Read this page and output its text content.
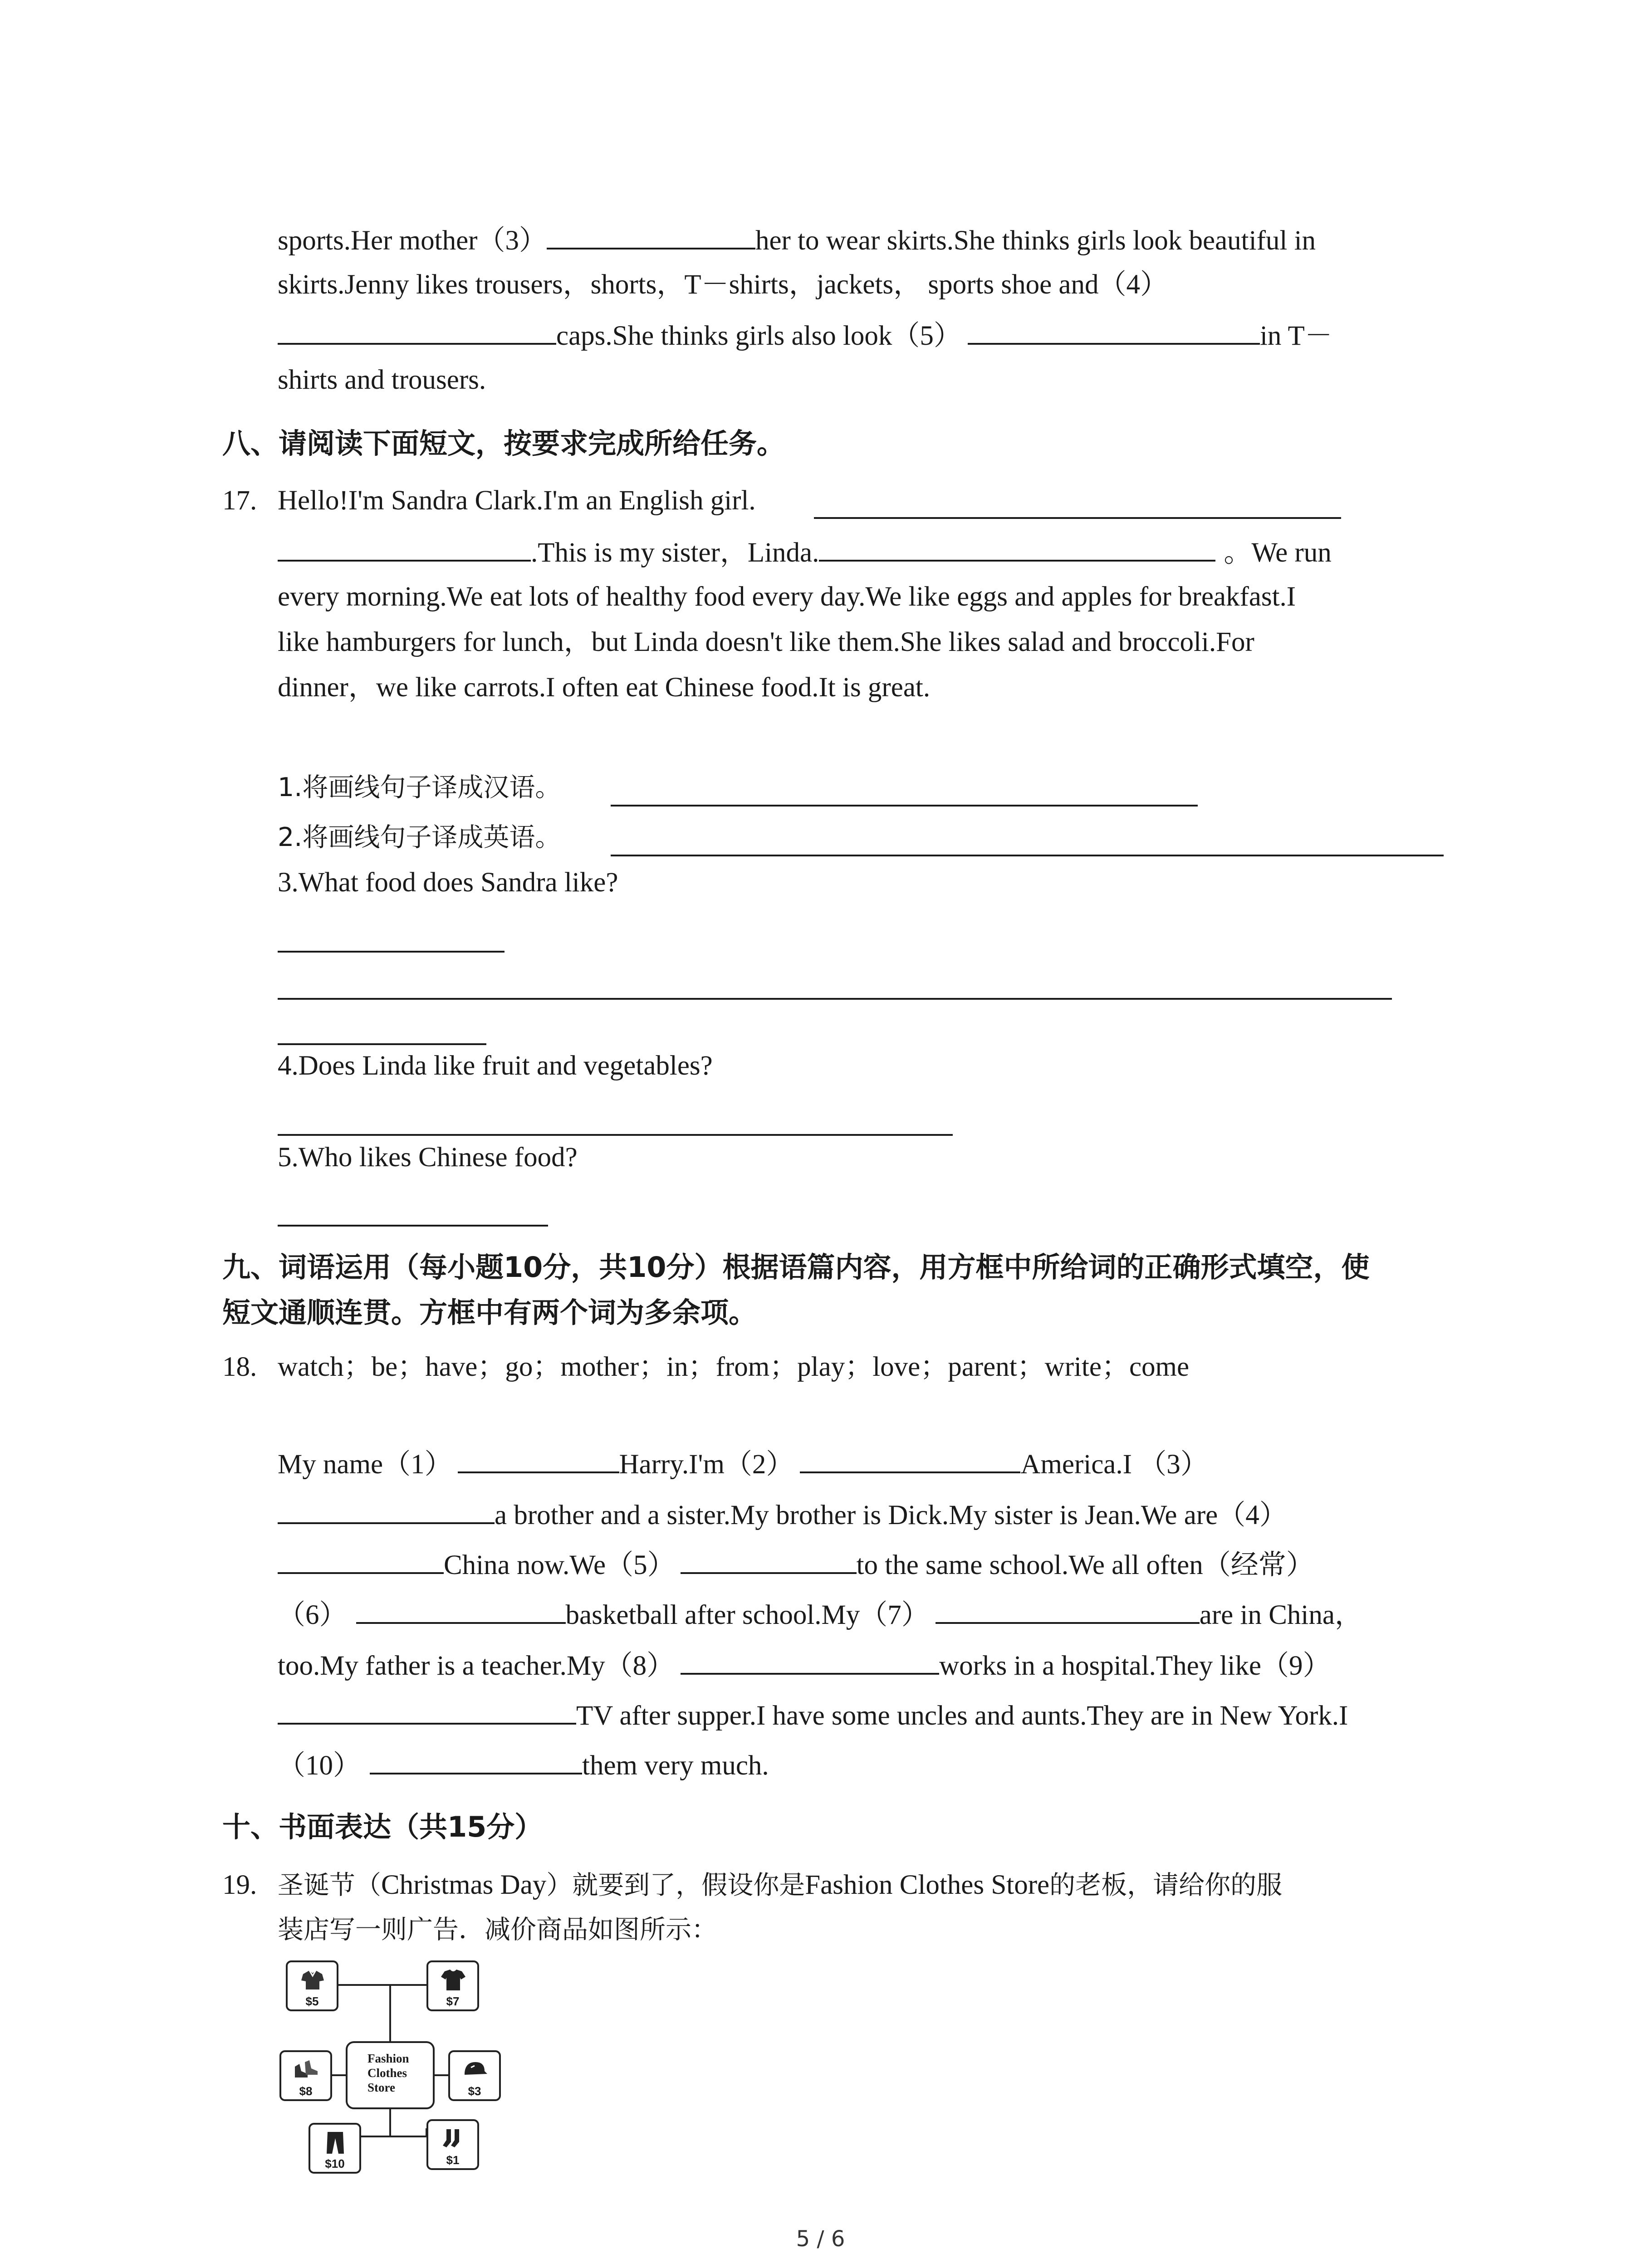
sports.Her mother（3）	her to wear skirts.She thinks girls look beautiful in
skirts.Jenny likes trousers，shorts，T－shirts，jackets， sports shoe and（4）
caps.She thinks girls also look（5）	in T－
shirts and trousers.
八、请阅读下面短文，按要求完成所给任务。
17. Hello!I'm Sandra Clark.I'm an English girl.
.This is my sister，Linda.	。We run
every morning.We eat lots of healthy food every day.We like eggs and apples for breakfast.I
like hamburgers for lunch，but Linda doesn't like them.She likes salad and broccoli.For
dinner，we like carrots.I often eat Chinese food.It is great.
1.将画线句子译成汉语。
2.将画线句子译成英语。
3.What food does Sandra like?
4.Does Linda like fruit and vegetables?
5.Who likes Chinese food?
九、词语运用（每小题10分，共10分）根据语篇内容，用方框中所给词的正确形式填空，使
短文通顺连贯。方框中有两个词为多余项。
18. watch；be；have；go；mother；in；from；play；love；parent；write；come
My name（1）	Harry.I'm（2）	America.I （3）
a brother and a sister.My brother is Dick.My sister is Jean.We are（4）
China now.We（5）	to the same school.We all often（经常）
（6）	basketball after school.My（7）	are in China，
too.My father is a teacher.My（8）	works in a hospital.They like（9）
TV after supper.I have some uncles and aunts.They are in New York.I
（10）	them very much.
十、书面表达（共15分）
19. 圣诞节（Christmas Day）就要到了，假设你是Fashion Clothes Store的老板，请给你的服
装店写一则广告．减价商品如图所示：
$5	$7
$8
Fashion
Clothes
Store	$3
$10	$1
5 / 6
